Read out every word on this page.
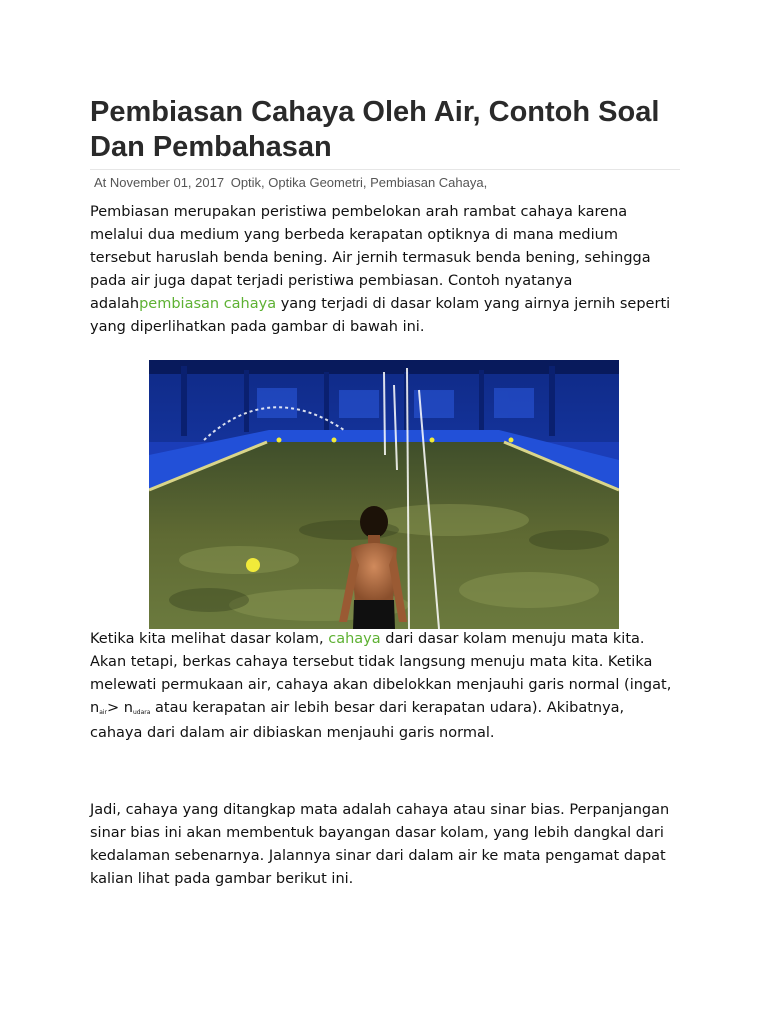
Pembiasan Cahaya Oleh Air, Contoh Soal Dan Pembahasan
At November 01, 2017 Optik, Optika Geometri, Pembiasan Cahaya,

Pembiasan merupakan peristiwa pembelokan arah rambat cahaya karena melalui dua medium yang berbeda kerapatan optiknya di mana medium tersebut haruslah benda bening. Air jernih termasuk benda bening, sehingga pada air juga dapat terjadi peristiwa pembiasan. Contoh nyatanya adalahpembiasan cahaya yang terjadi di dasar kolam yang airnya jernih seperti yang diperlihatkan pada gambar di bawah ini.

Ketika kita melihat dasar kolam, cahaya dari dasar kolam menuju mata kita. Akan tetapi, berkas cahaya tersebut tidak langsung menuju mata kita. Ketika melewati permukaan air, cahaya akan dibelokkan menjauhi garis normal (ingat, nair> nudara atau kerapatan air lebih besar dari kerapatan udara). Akibatnya, cahaya dari dalam air dibiaskan menjauhi garis normal.

Jadi, cahaya yang ditangkap mata adalah cahaya atau sinar bias. Perpanjangan sinar bias ini akan membentuk bayangan dasar kolam, yang lebih dangkal dari kedalaman sebenarnya. Jalannya sinar dari dalam air ke mata pengamat dapat kalian lihat pada gambar berikut ini.
